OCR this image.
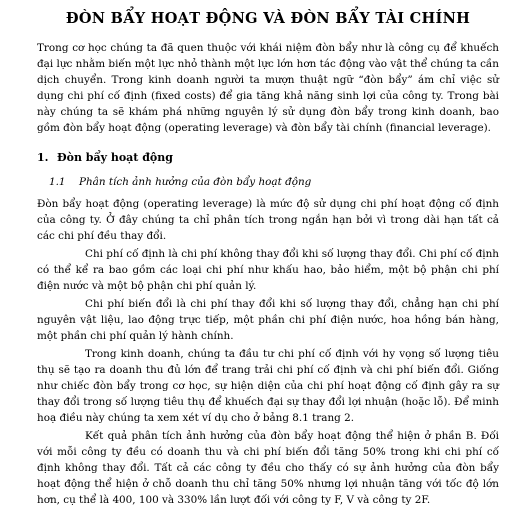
ĐÒN BẨY HOẠT ĐỘNG VÀ ĐÒN BẨY TÀI CHÍNH

Trong cơ học chúng ta đã quen thuộc với khái niệm đòn bẩy như là công cụ để khuếch đại lực nhằm biến một lực nhỏ thành một lực lớn hơn tác động vào vật thể chúng ta cần dịch chuyển. Trong kinh doanh người ta mượn thuật ngữ “đòn bẩy” ám chỉ việc sử dụng chi phí cố định (fixed costs) để gia tăng khả năng sinh lợi của công ty. Trong bài này chúng ta sẽ khám phá những nguyên lý sử dụng đòn bẩy trong kinh doanh, bao gồm đòn bẩy hoạt động (operating leverage) và đòn bẩy tài chính (financial leverage).

1. Đòn bẩy hoạt động
1.1 Phân tích ảnh hưởng của đòn bẩy hoạt động

Đòn bẩy hoạt động (operating leverage) là mức độ sử dụng chi phí hoạt động cố định của công ty. Ở đây chúng ta chỉ phân tích trong ngắn hạn bởi vì trong dài hạn tất cả các chi phí đều thay đổi.

Chi phí cố định là chi phí không thay đổi khi số lượng thay đổi. Chi phí cố định có thể kể ra bao gồm các loại chi phí như khấu hao, bảo hiểm, một bộ phận chi phí điện nước và một bộ phận chi phí quản lý.

Chi phí biến đổi là chi phí thay đổi khi số lượng thay đổi, chẳng hạn chi phí nguyên vật liệu, lao động trực tiếp, một phần chi phí điện nước, hoa hồng bán hàng, một phần chi phí quản lý hành chính.

Trong kinh doanh, chúng ta đầu tư chi phí cố định với hy vọng số lượng tiêu thụ sẽ tạo ra doanh thu đủ lớn để trang trải chi phí cố định và chi phí biến đổi. Giống như chiếc đòn bẩy trong cơ học, sự hiện diện của chi phí hoạt động cố định gây ra sự thay đổi trong số lượng tiêu thụ để khuếch đại sự thay đổi lợi nhuận (hoặc lỗ). Để minh hoạ điều này chúng ta xem xét ví dụ cho ở bảng 8.1 trang 2.

Kết quả phân tích ảnh hưởng của đòn bẩy hoạt động thể hiện ở phần B. Đối với mỗi công ty đều có doanh thu và chi phí biến đổi tăng 50% trong khi chi phí cố định không thay đổi. Tất cả các công ty đều cho thấy có sự ảnh hưởng của đòn bẩy hoạt động thể hiện ở chỗ doanh thu chỉ tăng 50% nhưng lợi nhuận tăng với tốc độ lớn hơn, cụ thể là 400, 100 và 330% lần lượt đối với công ty F, V và công ty 2F.
